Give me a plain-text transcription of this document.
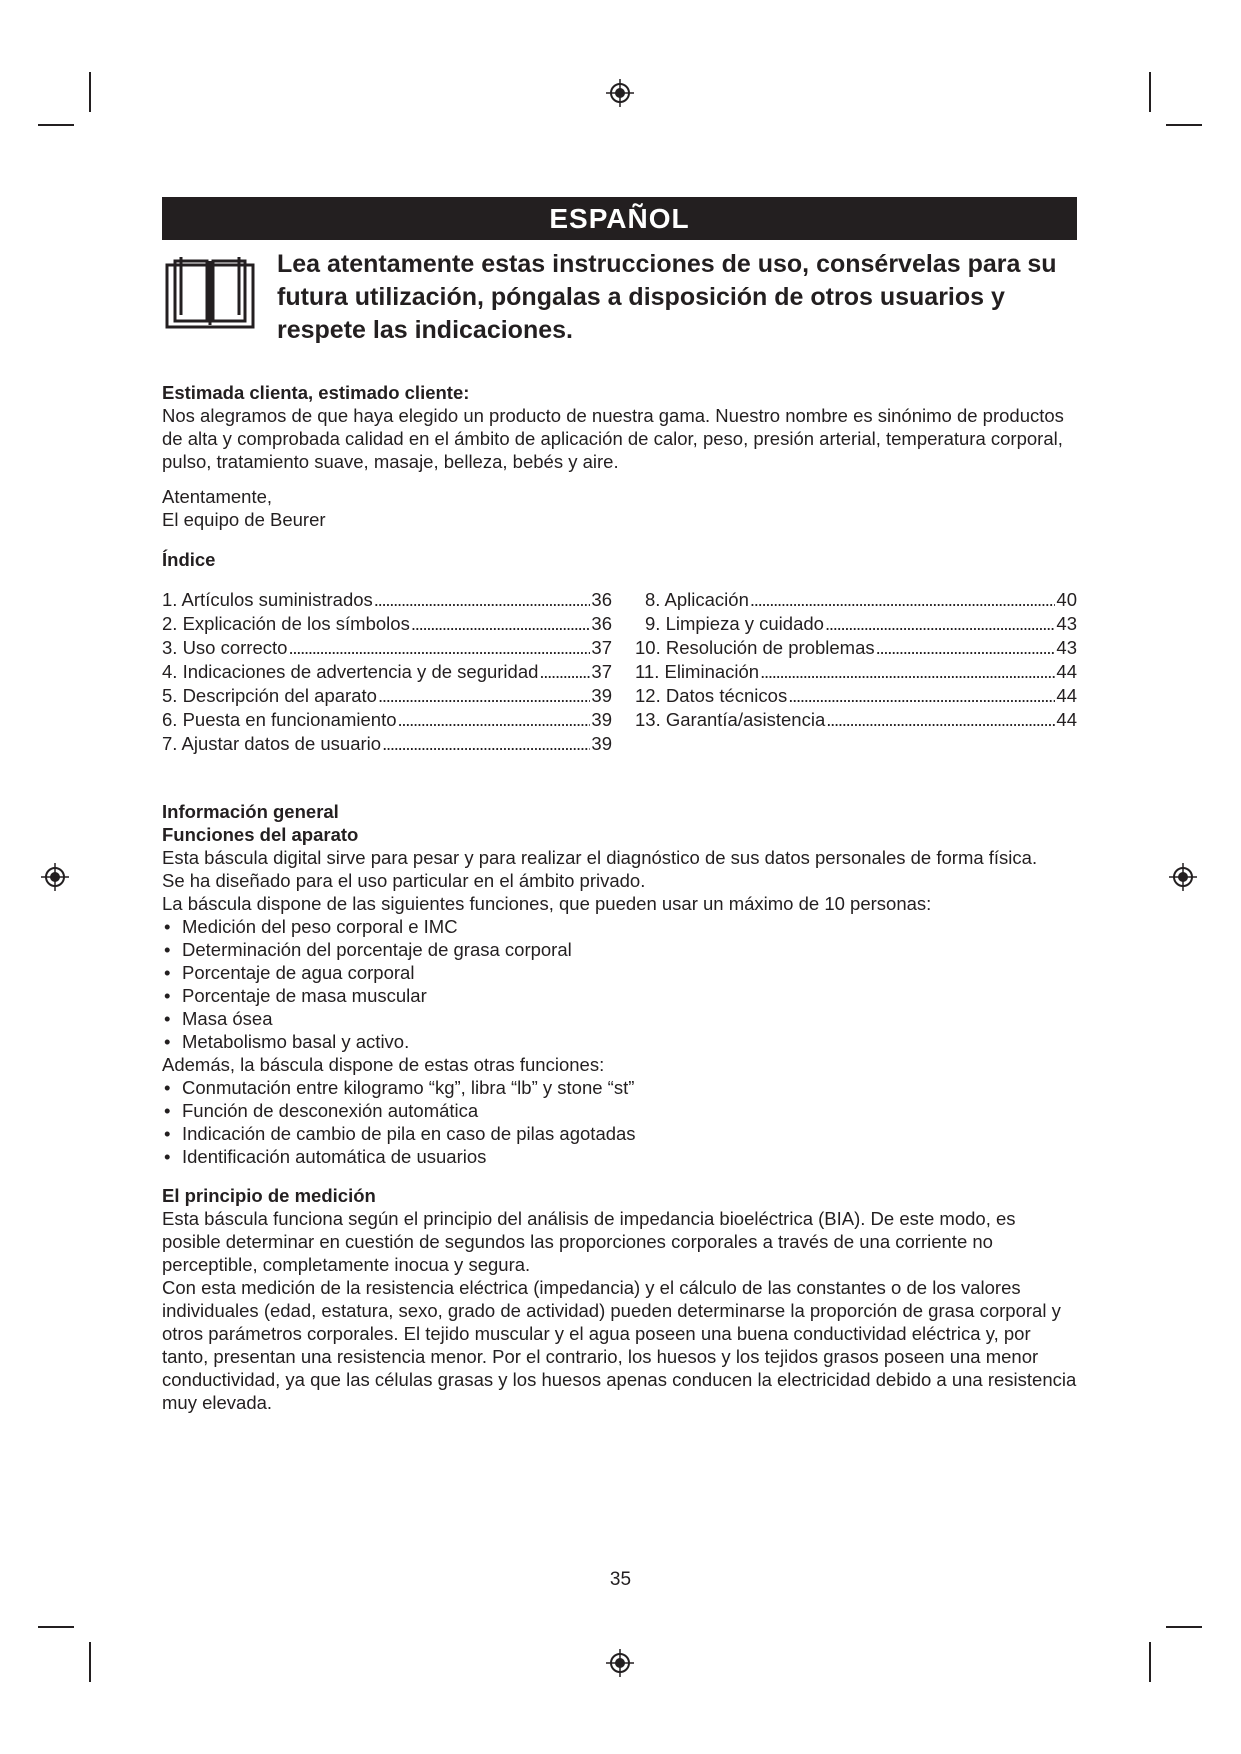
ESPAÑOL

Lea atentamente estas instrucciones de uso, consérvelas para su futura utilización, póngalas a disposición de otros usuarios y respete las indicaciones.

Estimada clienta, estimado cliente:

Nos alegramos de que haya elegido un producto de nuestra gama. Nuestro nombre es sinónimo de productos de alta y comprobada calidad en el ámbito de aplicación de calor, peso, presión arterial, temperatura corporal, pulso, tratamiento suave, masaje, belleza, bebés y aire.

Atentamente,

El equipo de Beurer

Índice

1. Artículos suministrados . . .	36
2. Explicación de los símbolos . . .	36
3. Uso correcto . . .	37
4. Indicaciones de advertencia y de seguridad . . .	37
5. Descripción del aparato . . .	39
6. Puesta en funcionamiento . . .	39
7. Ajustar datos de usuario . . .	39
8. Aplicación . . .	40
9. Limpieza y cuidado . . .	43
10. Resolución de problemas . . .	43
11. Eliminación . . .	44
12. Datos técnicos . . .	44
13. Garantía/asistencia . . .	44

Información general

Funciones del aparato

Esta báscula digital sirve para pesar y para realizar el diagnóstico de sus datos personales de forma física.

Se ha diseñado para el uso particular en el ámbito privado.

La báscula dispone de las siguientes funciones, que pueden usar un máximo de 10 personas:

• Medición del peso corporal e IMC
• Determinación del porcentaje de grasa corporal
• Porcentaje de agua corporal
• Porcentaje de masa muscular
• Masa ósea
• Metabolismo basal y activo.

Además, la báscula dispone de estas otras funciones:

• Conmutación entre kilogramo “kg”, libra “lb” y stone “st”
• Función de desconexión automática
• Indicación de cambio de pila en caso de pilas agotadas
• Identificación automática de usuarios

El principio de medición

Esta báscula funciona según el principio del análisis de impedancia bioeléctrica (BIA). De este modo, es posible determinar en cuestión de segundos las proporciones corporales a través de una corriente no perceptible, completamente inocua y segura.

Con esta medición de la resistencia eléctrica (impedancia) y el cálculo de las constantes o de los valores individuales (edad, estatura, sexo, grado de actividad) pueden determinarse la proporción de grasa corporal y otros parámetros corporales. El tejido muscular y el agua poseen una buena conductividad eléctrica y, por tanto, presentan una resistencia menor. Por el contrario, los huesos y los tejidos grasos poseen una menor conductividad, ya que las células grasas y los huesos apenas conducen la electricidad debido a una resistencia muy elevada.

35
